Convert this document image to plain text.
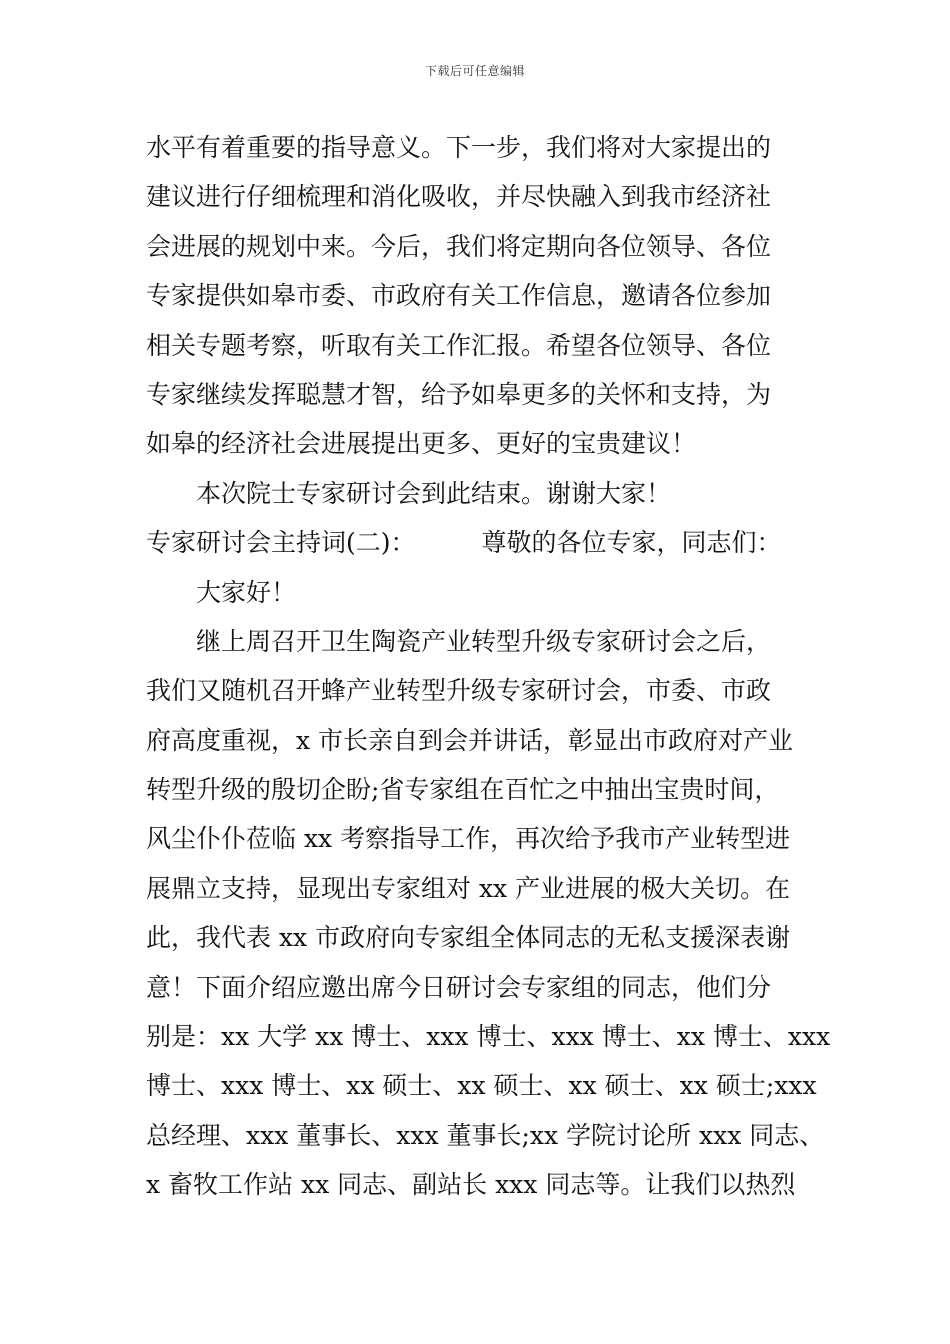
下载后可任意编辑
水平有着重要的指导意义。下一步，我们将对大家提出的
建议进行仔细梳理和消化吸收，并尽快融入到我市经济社
会进展的规划中来。今后，我们将定期向各位领导、各位
专家提供如皋市委、市政府有关工作信息，邀请各位参加
相关专题考察，听取有关工作汇报。希望各位领导、各位
专家继续发挥聪慧才智，给予如皋更多的关怀和支持，为
如皋的经济社会进展提出更多、更好的宝贵建议！
本次院士专家研讨会到此结束。谢谢大家！
专家研讨会主持词(二)：	尊敬的各位专家，同志们：
大家好！
继上周召开卫生陶瓷产业转型升级专家研讨会之后，
我们又随机召开蜂产业转型升级专家研讨会，市委、市政
府高度重视，x 市长亲自到会并讲话，彰显出市政府对产业
转型升级的殷切企盼;省专家组在百忙之中抽出宝贵时间，
风尘仆仆莅临 xx 考察指导工作，再次给予我市产业转型进
展鼎立支持，显现出专家组对 xx 产业进展的极大关切。在
此，我代表 xx 市政府向专家组全体同志的无私支援深表谢
意！下面介绍应邀出席今日研讨会专家组的同志，他们分
别是：xx 大学 xx 博士、xxx 博士、xxx 博士、xx 博士、xxx
博士、xxx 博士、xx 硕士、xx 硕士、xx 硕士、xx 硕士;xxx
总经理、xxx 董事长、xxx 董事长;xx 学院讨论所 xxx 同志、
x 畜牧工作站 xx 同志、副站长 xxx 同志等。让我们以热烈
